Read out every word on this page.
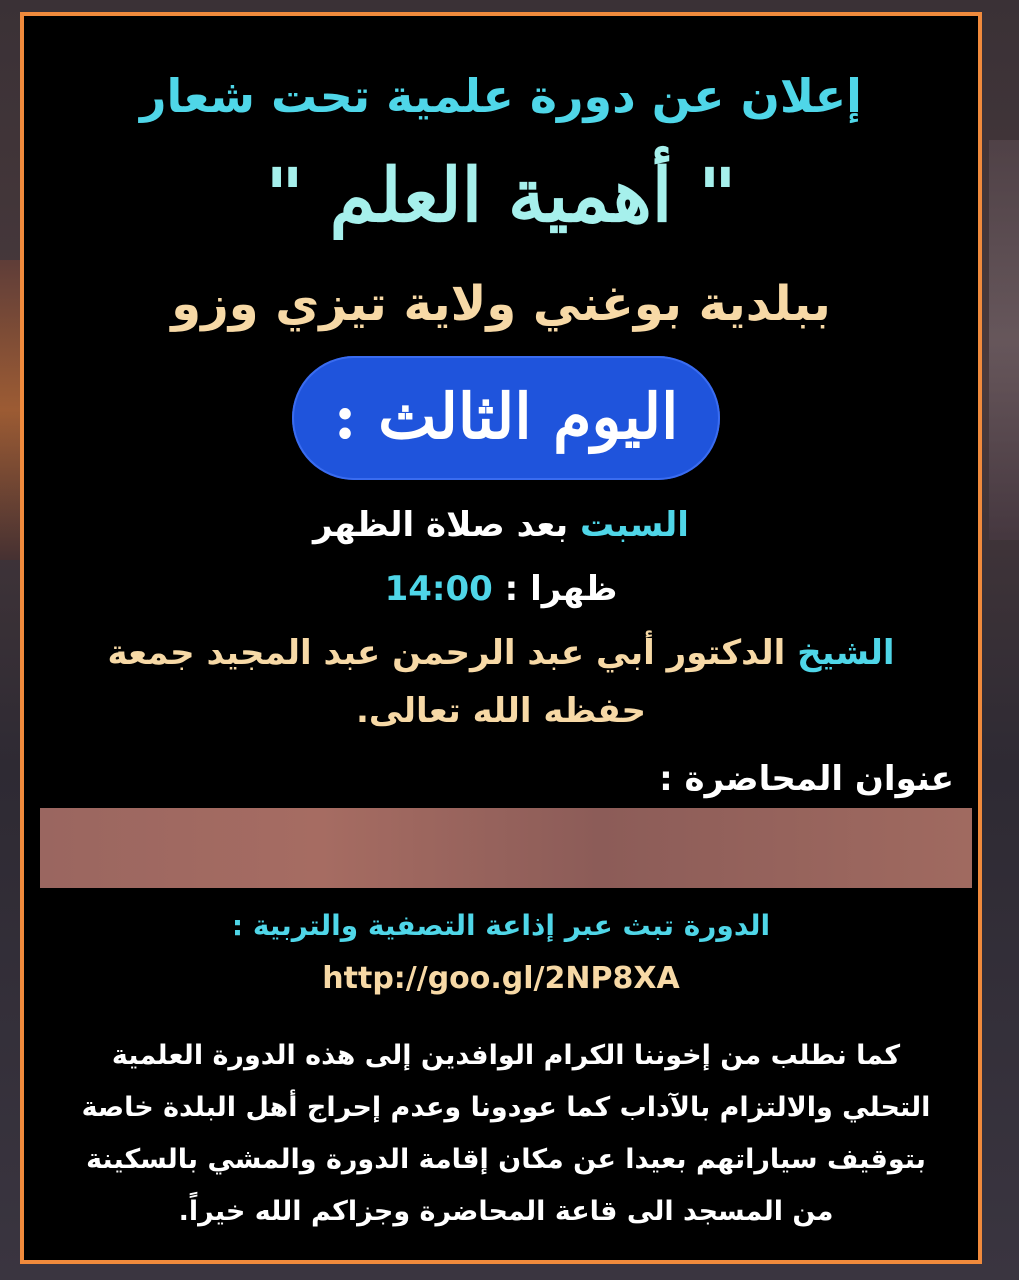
إعلان عن دورة علمية تحت شعار
" أهمية العلم "
ببلدية بوغني ولاية تيزي وزو
اليوم الثالث :
السبت بعد صلاة الظهر
ظهرا : 14:00
الشيخ الدكتور أبي عبد الرحمن عبد المجيد جمعة حفظه الله تعالى.
عنوان المحاضرة :
الدورة تبث عبر إذاعة التصفية والتربية :
http://goo.gl/2NP8XA
كما نطلب من إخوننا الكرام الوافدين إلى هذه الدورة العلمية التحلي والالتزام بالآداب كما عودونا وعدم إحراج أهل البلدة خاصة بتوقيف سياراتهم بعيدا عن مكان إقامة الدورة والمشي بالسكينة من المسجد الى قاعة المحاضرة وجزاكم الله خيراً.
